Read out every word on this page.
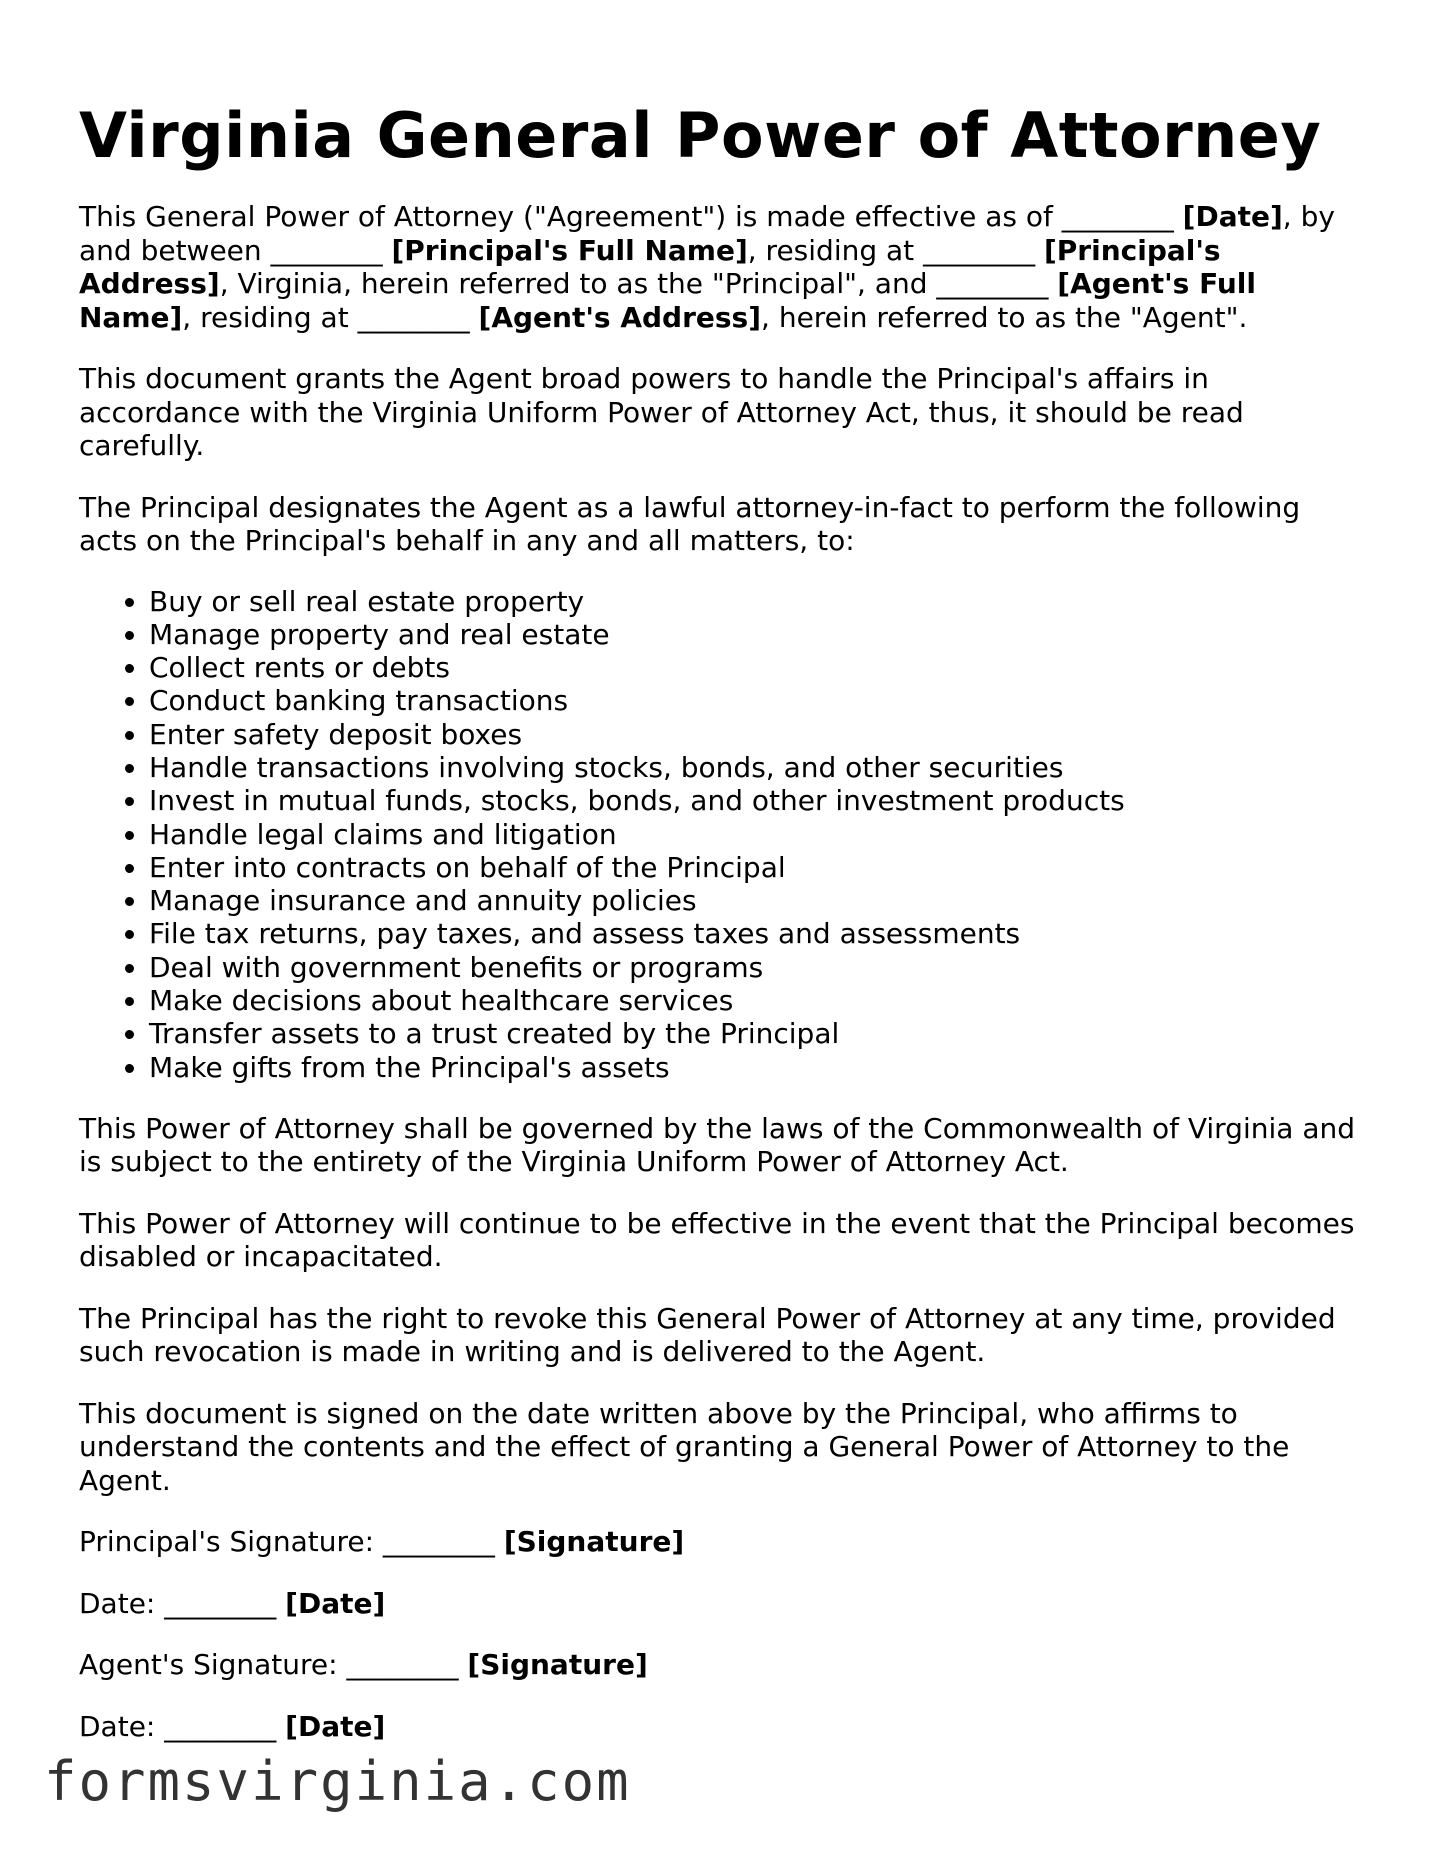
Virginia General Power of Attorney

This General Power of Attorney ("Agreement") is made effective as of ________ [Date], by and between ________ [Principal's Full Name], residing at ________ [Principal's Address], Virginia, herein referred to as the "Principal", and ________ [Agent's Full Name], residing at ________ [Agent's Address], herein referred to as the "Agent".

This document grants the Agent broad powers to handle the Principal's affairs in accordance with the Virginia Uniform Power of Attorney Act, thus, it should be read carefully.

The Principal designates the Agent as a lawful attorney-in-fact to perform the following acts on the Principal's behalf in any and all matters, to:

• Buy or sell real estate property
• Manage property and real estate
• Collect rents or debts
• Conduct banking transactions
• Enter safety deposit boxes
• Handle transactions involving stocks, bonds, and other securities
• Invest in mutual funds, stocks, bonds, and other investment products
• Handle legal claims and litigation
• Enter into contracts on behalf of the Principal
• Manage insurance and annuity policies
• File tax returns, pay taxes, and assess taxes and assessments
• Deal with government benefits or programs
• Make decisions about healthcare services
• Transfer assets to a trust created by the Principal
• Make gifts from the Principal's assets

This Power of Attorney shall be governed by the laws of the Commonwealth of Virginia and is subject to the entirety of the Virginia Uniform Power of Attorney Act.

This Power of Attorney will continue to be effective in the event that the Principal becomes disabled or incapacitated.

The Principal has the right to revoke this General Power of Attorney at any time, provided such revocation is made in writing and is delivered to the Agent.

This document is signed on the date written above by the Principal, who affirms to understand the contents and the effect of granting a General Power of Attorney to the Agent.

Principal's Signature: ________ [Signature]

Date: ________ [Date]

Agent's Signature: ________ [Signature]

Date: ________ [Date]

formsvirginia.com
